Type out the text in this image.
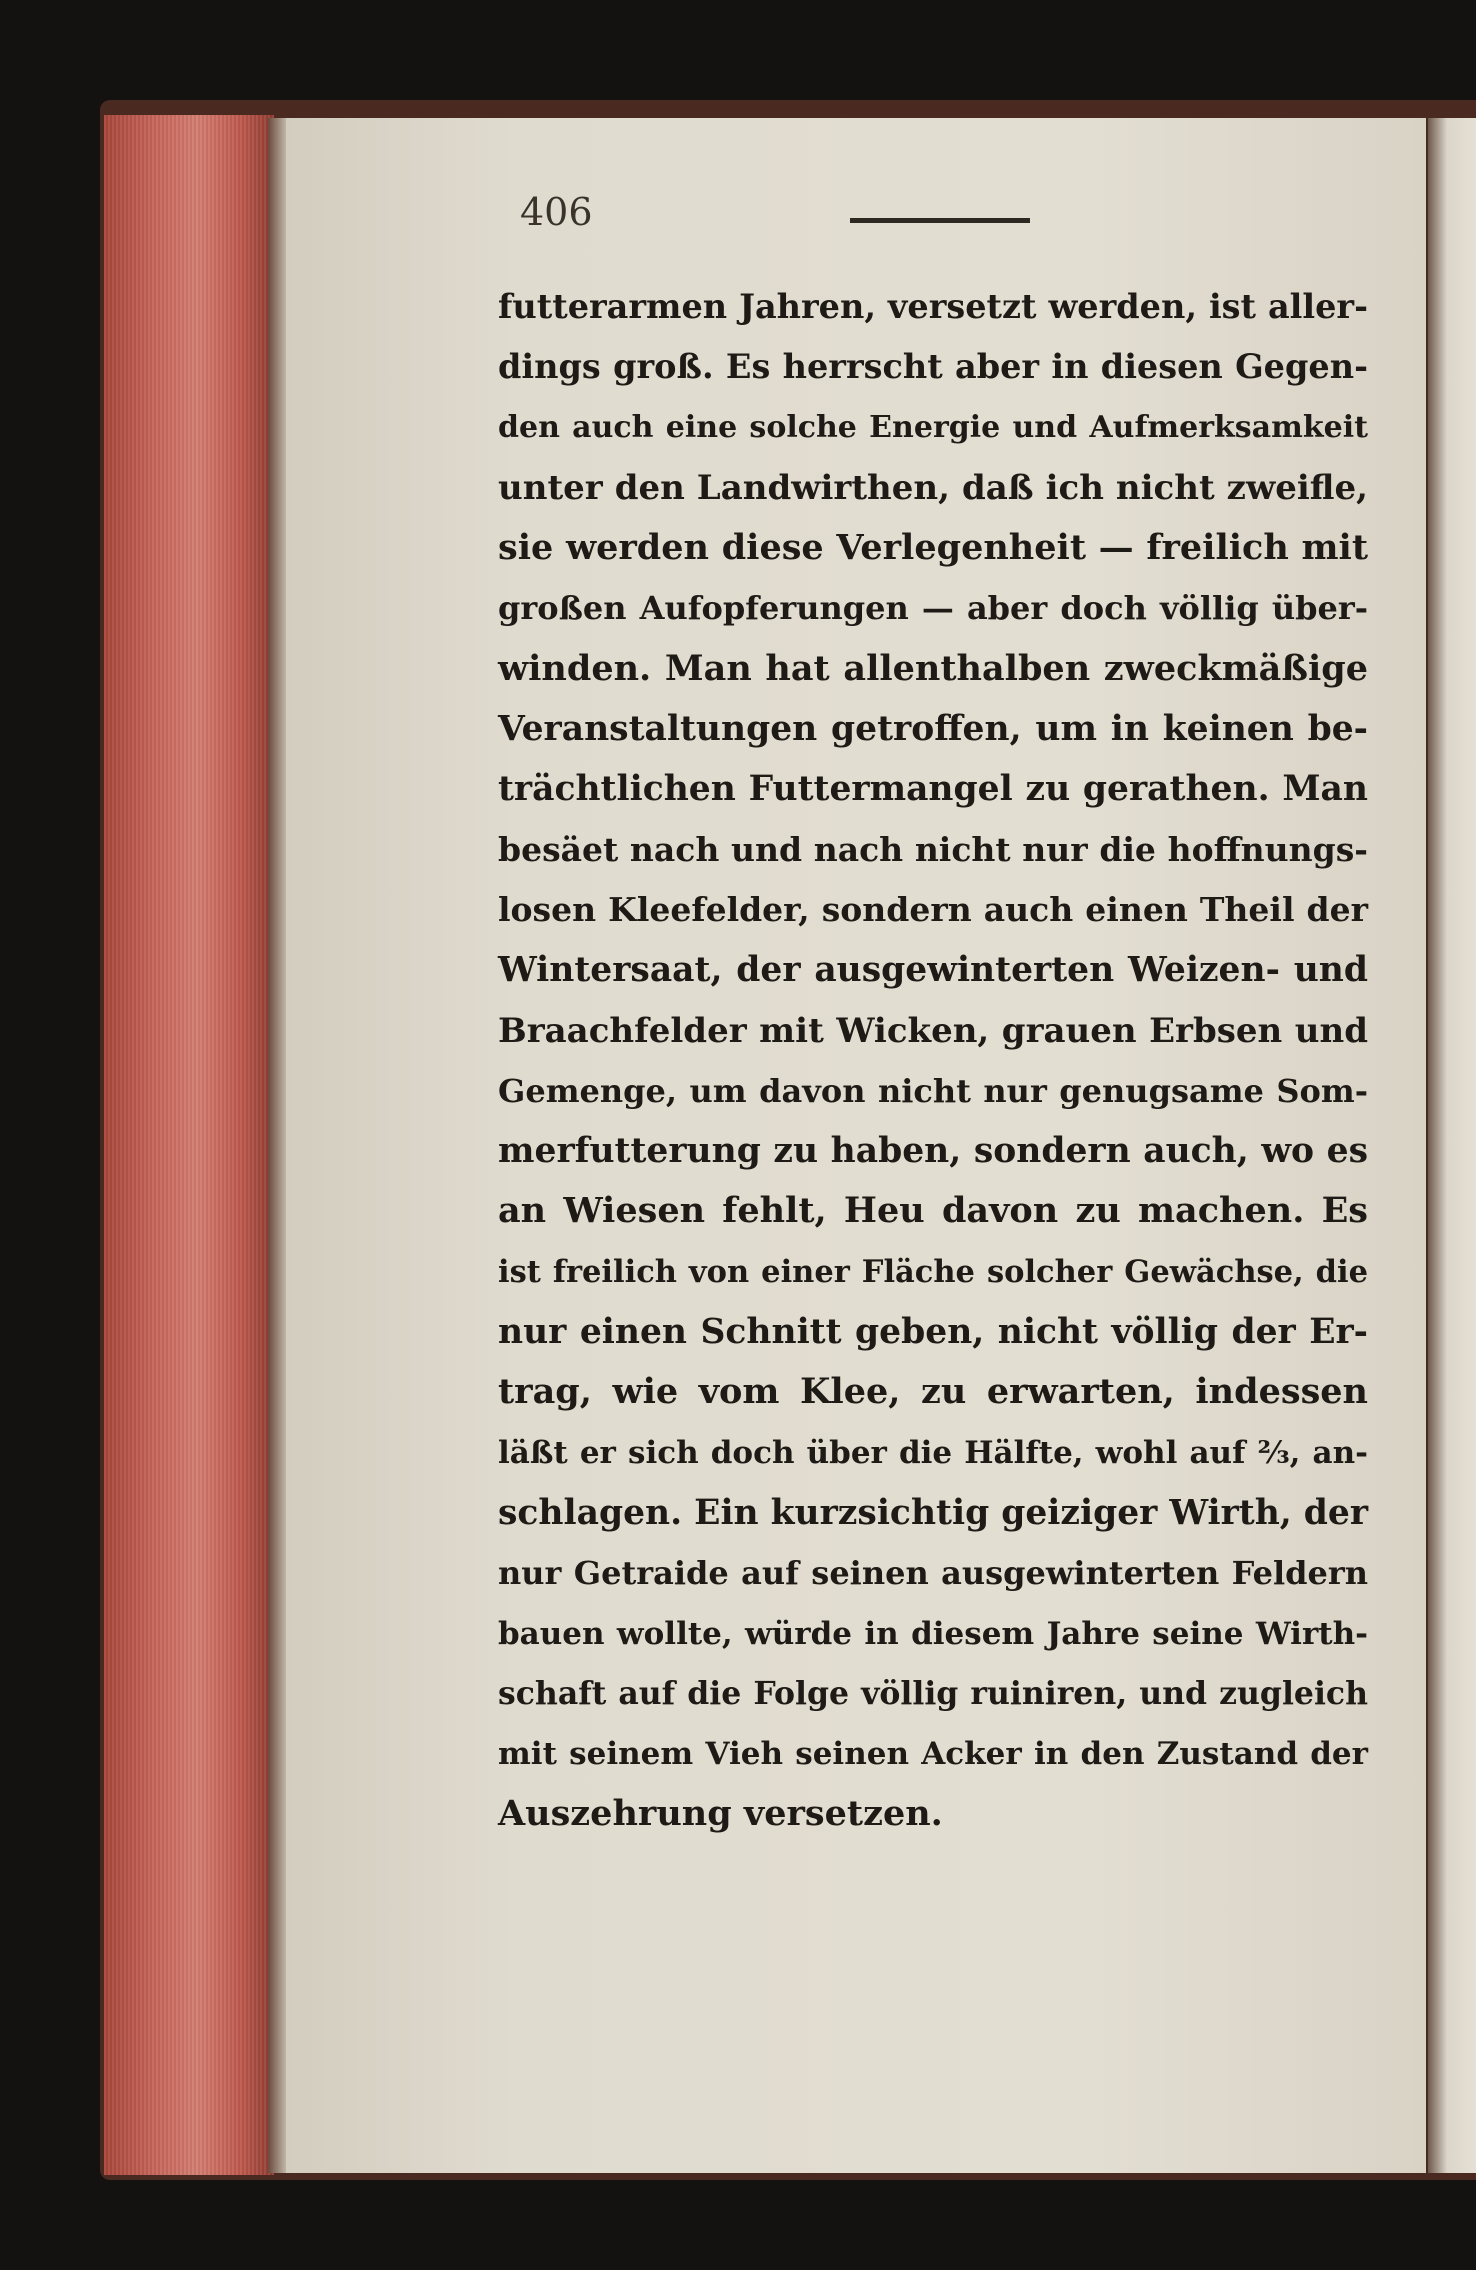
406
futterarmen Jahren, versetzt werden, ist aller-
dings groß. Es herrscht aber in diesen Gegen-
den auch eine solche Energie und Aufmerksamkeit
unter den Landwirthen, daß ich nicht zweifle,
sie werden diese Verlegenheit — freilich mit
großen Aufopferungen — aber doch völlig über-
winden. Man hat allenthalben zweckmäßige
Veranstaltungen getroffen, um in keinen be-
trächtlichen Futtermangel zu gerathen. Man
besäet nach und nach nicht nur die hoffnungs-
losen Kleefelder, sondern auch einen Theil der
Wintersaat, der ausgewinterten Weizen- und
Braachfelder mit Wicken, grauen Erbsen und
Gemenge, um davon nicht nur genugsame Som-
merfutterung zu haben, sondern auch, wo es
an Wiesen fehlt, Heu davon zu machen. Es
ist freilich von einer Fläche solcher Gewächse, die
nur einen Schnitt geben, nicht völlig der Er-
trag, wie vom Klee, zu erwarten, indessen
läßt er sich doch über die Hälfte, wohl auf ⅔, an-
schlagen. Ein kurzsichtig geiziger Wirth, der
nur Getraide auf seinen ausgewinterten Feldern
bauen wollte, würde in diesem Jahre seine Wirth-
schaft auf die Folge völlig ruiniren, und zugleich
mit seinem Vieh seinen Acker in den Zustand der
Auszehrung versetzen.
